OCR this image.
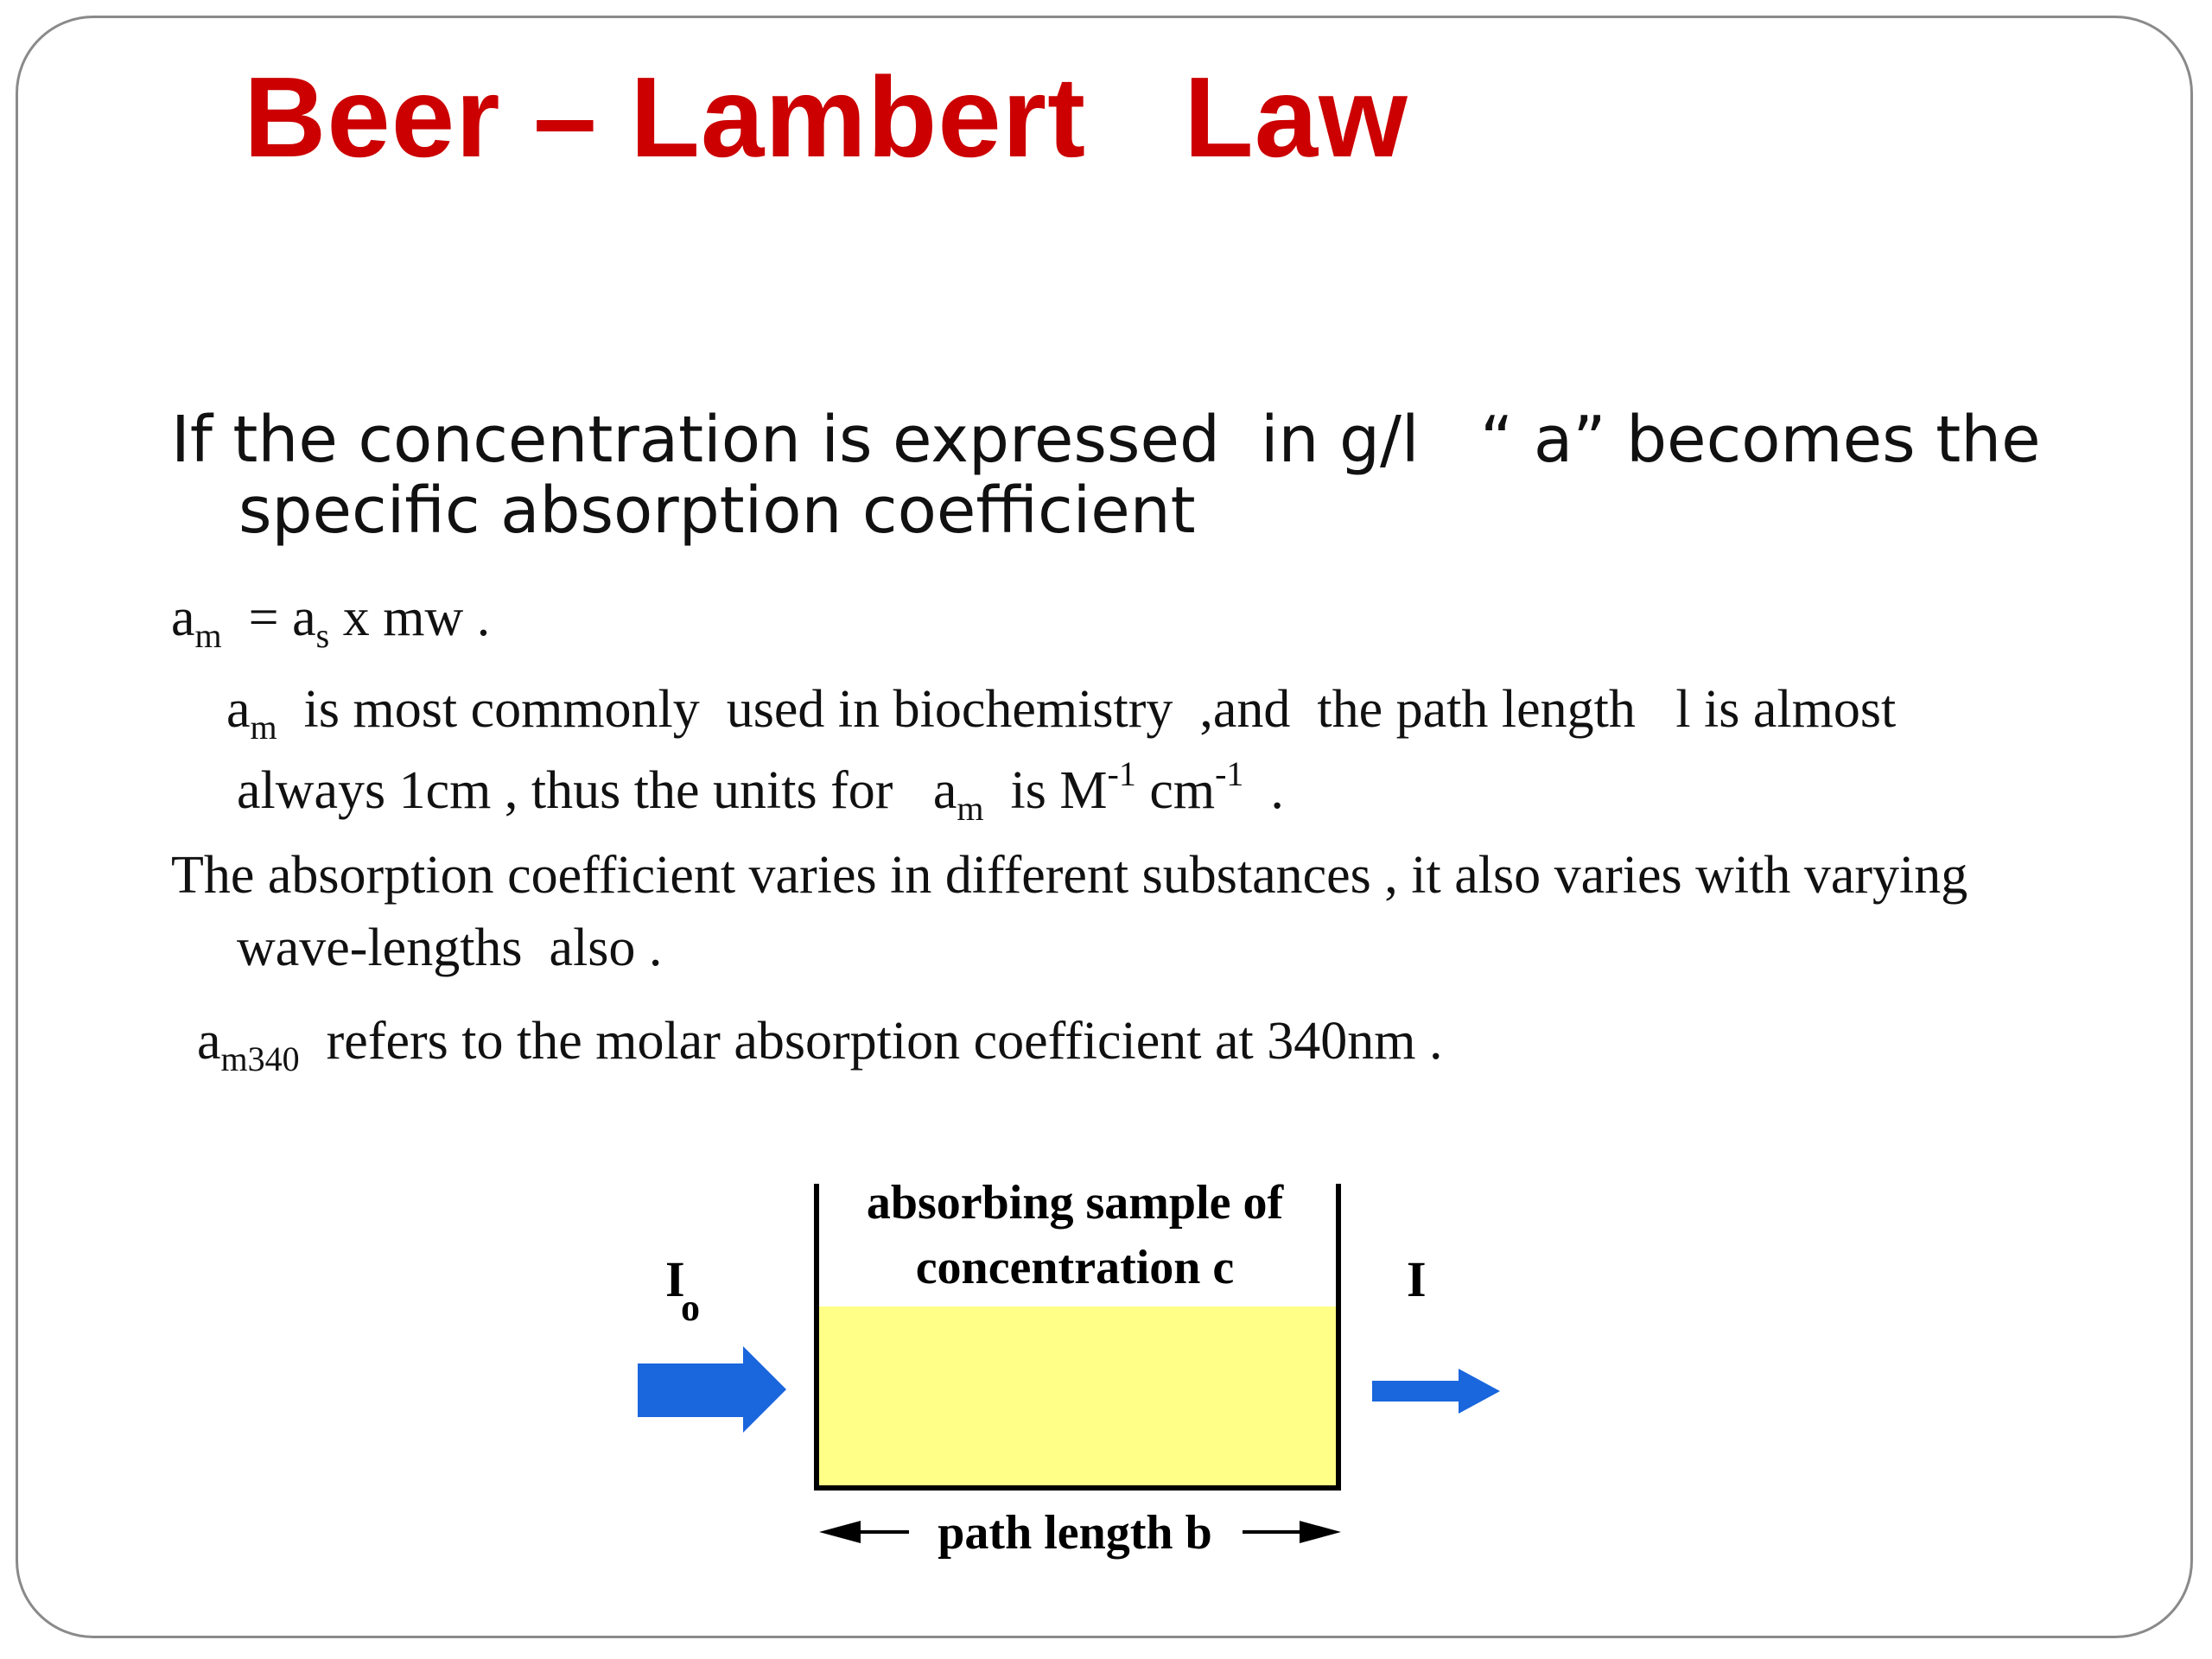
Beer – Lambert   Law
If the concentration is expressed  in g/l   “ a” becomes the specific absorption coefficient
$a_m = a_s$ x mw .
$a_m$  is most commonly  used in biochemistry  ,and  the path length   l is almost
always 1cm , thus the units for   $a_m$  is $M^{-1}$ $cm^{-1}$  .
The absorption coefficient varies in different substances , it also varies with varying
wave-lengths  also .
$a_{m340}$  refers to the molar absorption coefficient at 340nm .
absorbing sample of
concentration c
I
o
I
path length b
